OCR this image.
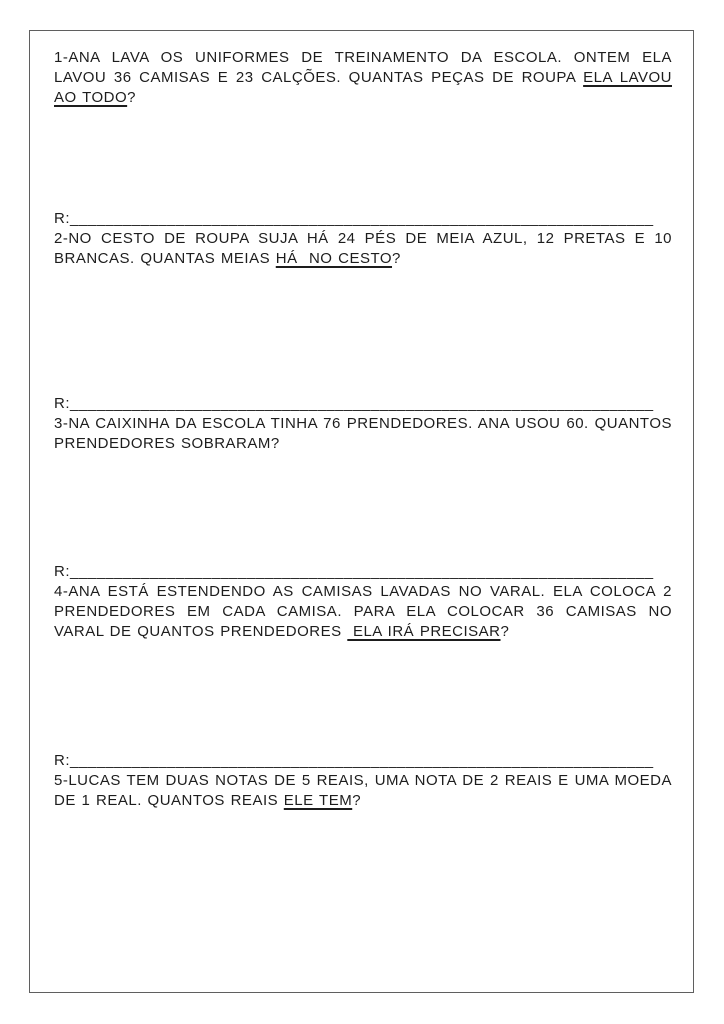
1-ANA LAVA OS UNIFORMES DE TREINAMENTO DA ESCOLA. ONTEM ELA LAVOU 36 CAMISAS E 23 CALÇÕES. QUANTAS PEÇAS DE ROUPA ELA LAVOU AO TODO?

R:__________________________________________________________________

2-NO CESTO DE ROUPA SUJA HÁ 24 PÉS DE MEIA AZUL, 12 PRETAS E 10 BRANCAS. QUANTAS MEIAS HÁ  NO CESTO?

R:__________________________________________________________________

3-NA CAIXINHA DA ESCOLA TINHA 76 PRENDEDORES. ANA USOU 60. QUANTOS PRENDEDORES SOBRARAM?

R:__________________________________________________________________

4-ANA ESTÁ ESTENDENDO AS CAMISAS LAVADAS NO VARAL. ELA COLOCA 2 PRENDEDORES EM CADA CAMISA. PARA ELA COLOCAR 36 CAMISAS NO VARAL DE QUANTOS PRENDEDORES  ELA IRÁ PRECISAR?

R:__________________________________________________________________

5-LUCAS TEM DUAS NOTAS DE 5 REAIS, UMA NOTA DE 2 REAIS E UMA MOEDA DE 1 REAL. QUANTOS REAIS ELE TEM?
